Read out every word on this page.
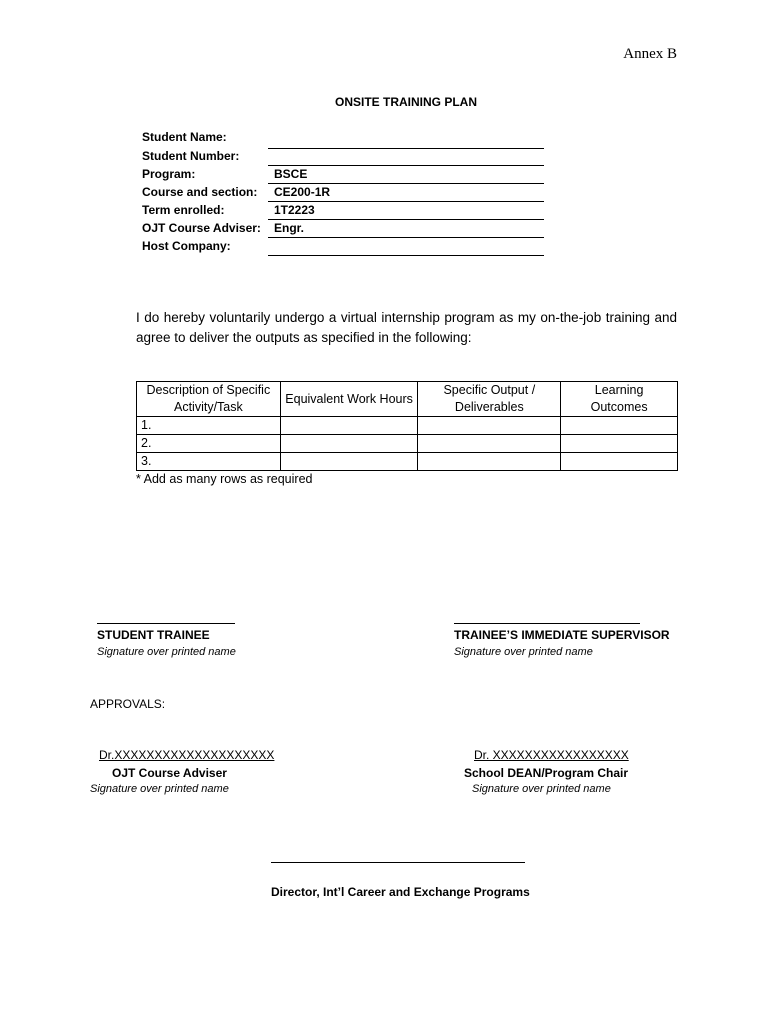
Annex B
ONSITE TRAINING PLAN
Student Name:
Student Number:
Program:	BSCE
Course and section: CE200-1R
Term enrolled:	1T2223
OJT Course Adviser: Engr.
Host Company:
I do hereby voluntarily undergo a virtual internship program as my on-the-job training and agree to deliver the outputs as specified in the following:
Description of Specific Activity/Task	Equivalent Work Hours	Specific Output / Deliverables	Learning Outcomes
1.			
2.			
3.			
* Add as many rows as required
STUDENT TRAINEE
Signature over printed name
TRAINEE’S IMMEDIATE SUPERVISOR
Signature over printed name
APPROVALS:
Dr.XXXXXXXXXXXXXXXXXXXX
OJT Course Adviser
Signature over printed name
Dr. XXXXXXXXXXXXXXXXX
School DEAN/Program Chair
Signature over printed name
Director, Int’l Career and Exchange Programs
